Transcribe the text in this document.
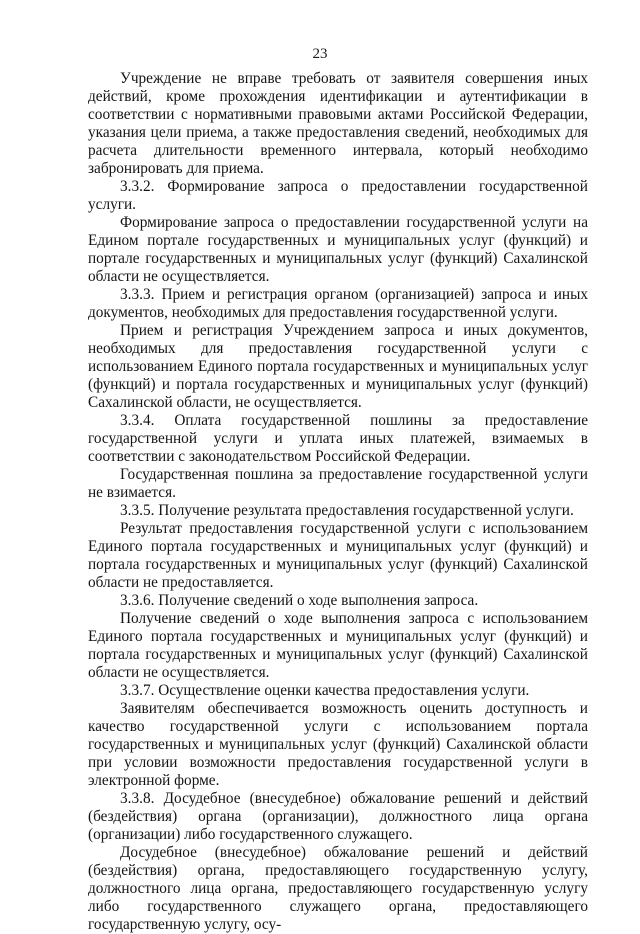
23

Учреждение не вправе требовать от заявителя совершения иных действий, кроме прохождения идентификации и аутентификации в соответствии с нормативными правовыми актами Российской Федерации, указания цели приема, а также предоставления сведений, необходимых для расчета длительности временного интервала, который необходимо забронировать для приема.

3.3.2. Формирование запроса о предоставлении государственной услуги.

Формирование запроса о предоставлении государственной услуги на Едином портале государственных и муниципальных услуг (функций) и портале государственных и муниципальных услуг (функций) Сахалинской области не осуществляется.

3.3.3. Прием и регистрация органом (организацией) запроса и иных документов, необходимых для предоставления государственной услуги.

Прием и регистрация Учреждением запроса и иных документов, необходимых для предоставления государственной услуги с использованием Единого портала государственных и муниципальных услуг (функций) и портала государственных и муниципальных услуг (функций) Сахалинской области, не осуществляется.

3.3.4. Оплата государственной пошлины за предоставление государственной услуги и уплата иных платежей, взимаемых в соответствии с законодательством Российской Федерации.

Государственная пошлина за предоставление государственной услуги не взимается.

3.3.5. Получение результата предоставления государственной услуги.

Результат предоставления государственной услуги с использованием Единого портала государственных и муниципальных услуг (функций) и портала государственных и муниципальных услуг (функций) Сахалинской области не предоставляется.

3.3.6. Получение сведений о ходе выполнения запроса.

Получение сведений о ходе выполнения запроса с использованием Единого портала государственных и муниципальных услуг (функций) и портала государственных и муниципальных услуг (функций) Сахалинской области не осуществляется.

3.3.7. Осуществление оценки качества предоставления услуги.

Заявителям обеспечивается возможность оценить доступность и качество государственной услуги с использованием портала государственных и муниципальных услуг (функций) Сахалинской области при условии возможности предоставления государственной услуги в электронной форме.

3.3.8. Досудебное (внесудебное) обжалование решений и действий (бездействия) органа (организации), должностного лица органа (организации) либо государственного служащего.

Досудебное (внесудебное) обжалование решений и действий (бездействия) органа, предоставляющего государственную услугу, должностного лица органа, предоставляющего государственную услугу либо государственного служащего органа, предоставляющего государственную услугу, осу-
